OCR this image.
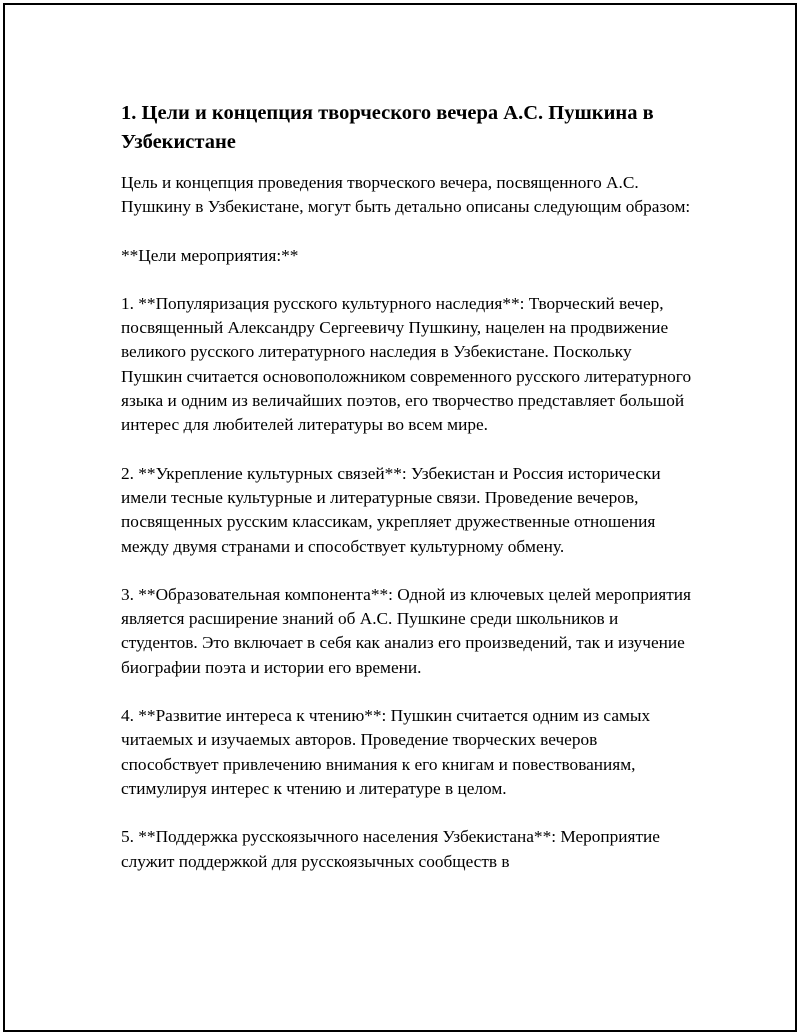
1. Цели и концепция творческого вечера А.С. Пушкина в Узбекистане

Цель и концепция проведения творческого вечера, посвященного А.С. Пушкину в Узбекистане, могут быть детально описаны следующим образом:

**Цели мероприятия:**

1. **Популяризация русского культурного наследия**: Творческий вечер, посвященный Александру Сергеевичу Пушкину, нацелен на продвижение великого русского литературного наследия в Узбекистане. Поскольку Пушкин считается основоположником современного русского литературного языка и одним из величайших поэтов, его творчество представляет большой интерес для любителей литературы во всем мире.

2. **Укрепление культурных связей**: Узбекистан и Россия исторически имели тесные культурные и литературные связи. Проведение вечеров, посвященных русским классикам, укрепляет дружественные отношения между двумя странами и способствует культурному обмену.

3. **Образовательная компонента**: Одной из ключевых целей мероприятия является расширение знаний об А.С. Пушкине среди школьников и студентов. Это включает в себя как анализ его произведений, так и изучение биографии поэта и истории его времени.

4. **Развитие интереса к чтению**: Пушкин считается одним из самых читаемых и изучаемых авторов. Проведение творческих вечеров способствует привлечению внимания к его книгам и повествованиям, стимулируя интерес к чтению и литературе в целом.

5. **Поддержка русскоязычного населения Узбекистана**: Мероприятие служит поддержкой для русскоязычных сообществ в
